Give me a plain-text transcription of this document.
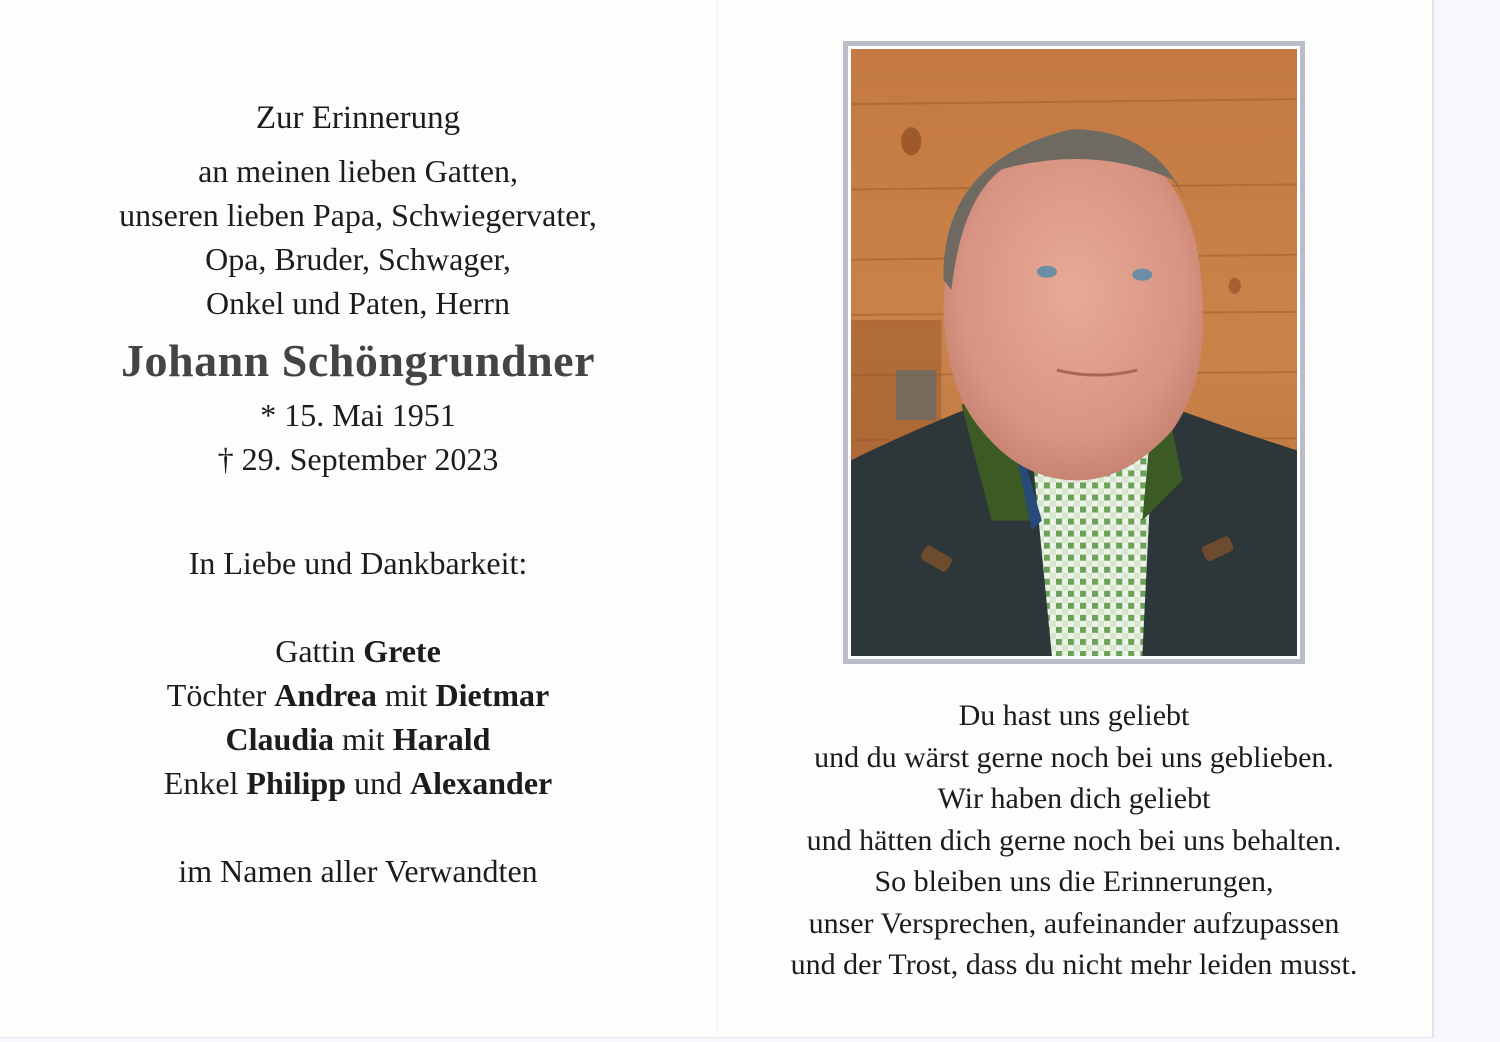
Zur Erinnerung
an meinen lieben Gatten,
unseren lieben Papa, Schwiegervater,
Opa, Bruder, Schwager,
Onkel und Paten, Herrn
Johann Schöngrundner
* 15. Mai 1951
† 29. September 2023
In Liebe und Dankbarkeit:
Gattin Grete
Töchter Andrea mit Dietmar
Claudia mit Harald
Enkel Philipp und Alexander
im Namen aller Verwandten
Du hast uns geliebt
und du wärst gerne noch bei uns geblieben.
Wir haben dich geliebt
und hätten dich gerne noch bei uns behalten.
So bleiben uns die Erinnerungen,
unser Versprechen, aufeinander aufzupassen
und der Trost, dass du nicht mehr leiden musst.
